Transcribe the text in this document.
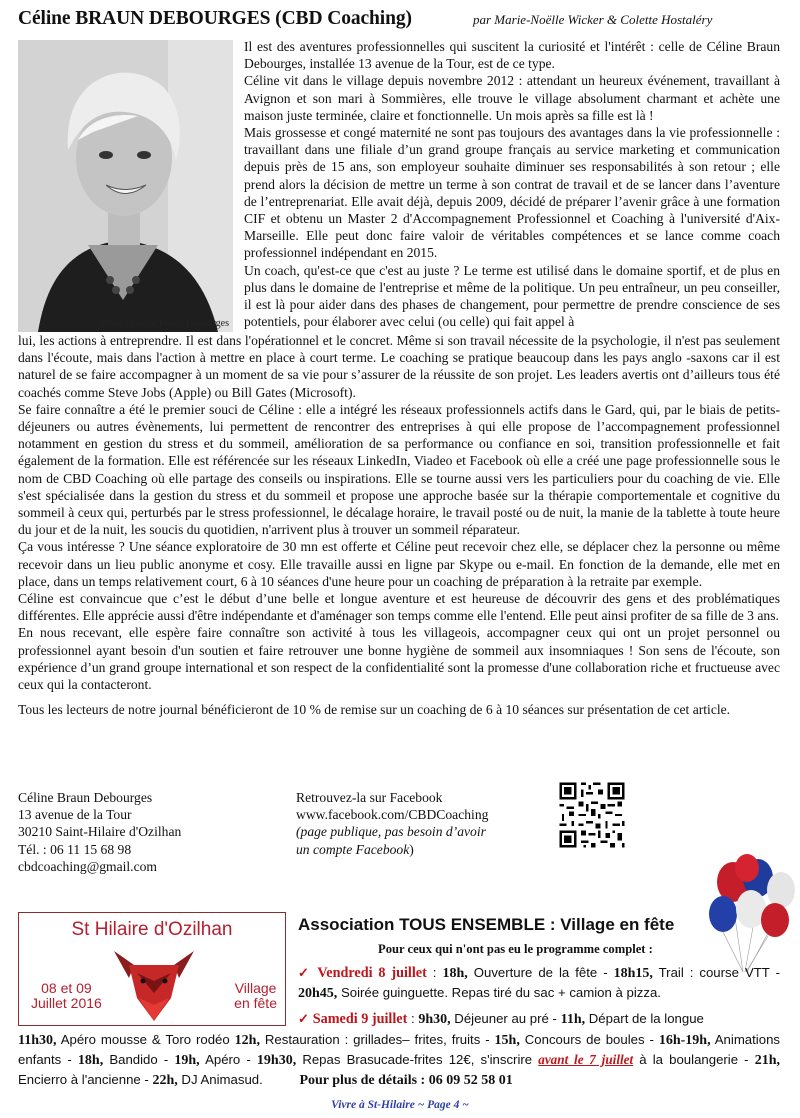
Céline BRAUN DEBOURGES (CBD Coaching)	par Marie-Noëlle Wicker & Colette Hostaléry
Photo : Céline Braun Debourges

Il est des aventures professionnelles qui suscitent la curiosité et l'intérêt : celle de Céline Braun Debourges, installée 13 avenue de la Tour, est de ce type.

Céline vit dans le village depuis novembre 2012 : attendant un heureux événement, travaillant à Avignon et son mari à Sommières, elle trouve le village absolument charmant et achète une maison juste terminée, claire et fonctionnelle. Un mois après sa fille est là !

Mais grossesse et congé maternité ne sont pas toujours des avantages dans la vie professionnelle : travaillant dans une filiale d’un grand groupe français au service marketing et communication depuis près de 15 ans, son employeur souhaite diminuer ses responsabilités à son retour ; elle prend alors la décision de mettre un terme à son contrat de travail et de se lancer dans l’aventure de l’entreprenariat. Elle avait déjà, depuis 2009, décidé de préparer l’avenir grâce à une formation CIF et obtenu un Master 2 d'Accompagnement Professionnel et Coaching à l'université d'Aix-Marseille. Elle peut donc faire valoir de véritables compétences et se lance comme coach professionnel indépendant en 2015.

Un coach, qu'est-ce que c'est au juste ? Le terme est utilisé dans le domaine sportif, et de plus en plus dans le domaine de l'entreprise et même de la politique. Un peu entraîneur, un peu conseiller, il est là pour aider dans des phases de changement, pour permettre de prendre conscience de ses potentiels, pour élaborer avec celui (ou celle) qui fait appel à

lui, les actions à entreprendre. Il est dans l'opérationnel et le concret. Même si son travail nécessite de la psychologie, il n'est pas seulement dans l'écoute, mais dans l'action à mettre en place à court terme. Le coaching se pratique beaucoup dans les pays anglo -saxons car il est naturel de se faire accompagner à un moment de sa vie pour s’assurer de la réussite de son projet. Les leaders avertis ont d’ailleurs tous été coachés comme Steve Jobs (Apple) ou Bill Gates (Microsoft).

Se faire connaître a été le premier souci de Céline : elle a intégré les réseaux professionnels actifs dans le Gard, qui, par le biais de petits-déjeuners ou autres évènements, lui permettent de rencontrer des entreprises à qui elle propose de l’accompagnement professionnel notamment en gestion du stress et du sommeil, amélioration de sa performance ou confiance en soi, transition professionnelle et fait également de la formation. Elle est référencée sur les réseaux LinkedIn, Viadeo et Facebook où elle a créé une page professionnelle sous le nom de CBD Coaching où elle partage des conseils ou inspirations. Elle se tourne aussi vers les particuliers pour du coaching de vie. Elle s'est spécialisée dans la gestion du stress et du sommeil et propose une approche basée sur la thérapie comportementale et cognitive du sommeil à ceux qui, perturbés par le stress professionnel, le décalage horaire, le travail posté ou de nuit, la manie de la tablette à toute heure du jour et de la nuit, les soucis du quotidien, n'arrivent plus à trouver un sommeil réparateur.

Ça vous intéresse ? Une séance exploratoire de 30 mn est offerte et Céline peut recevoir chez elle, se déplacer chez la personne ou même recevoir dans un lieu public anonyme et cosy. Elle travaille aussi en ligne par Skype ou e-mail. En fonction de la demande, elle met en place, dans un temps relativement court, 6 à 10 séances d'une heure pour un coaching de préparation à la retraite par exemple.

Céline est convaincue que c’est le début d’une belle et longue aventure et est heureuse de découvrir des gens et des problématiques différentes. Elle apprécie aussi d'être indépendante et d'aménager son temps comme elle l'entend. Elle peut ainsi profiter de sa fille de 3 ans.

En nous recevant, elle espère faire connaître son activité à tous les villageois, accompagner ceux qui ont un projet personnel ou professionnel ayant besoin d'un soutien et faire retrouver une bonne hygiène de sommeil aux insomniaques ! Son sens de l'écoute, son expérience d’un grand groupe international et son respect de la confidentialité sont la promesse d'une collaboration riche et fructueuse avec ceux qui la contacteront.

Tous les lecteurs de notre journal bénéficieront de 10 % de remise sur un coaching de 6 à 10 séances sur présentation de cet article.

Céline Braun Debourges
13 avenue de la Tour
30210 Saint-Hilaire d'Ozilhan
Tél. : 06 11 15 68 98
cbdcoaching@gmail.com
Retrouvez-la sur Facebook
www.facebook.com/CBDCoaching
(page publique, pas besoin d’avoir
un compte Facebook)
St Hilaire d'Ozilhan
08 et 09
Juillet 2016
Village
en fête
Association TOUS ENSEMBLE : Village en fête
Pour ceux qui n'ont pas eu le programme complet :

✓ Vendredi 8 juillet : 18h, Ouverture de la fête - 18h15, Trail : course VTT - 20h45, Soirée guinguette. Repas tiré du sac + camion à pizza.

✓ Samedi 9 juillet : 9h30, Déjeuner au pré - 11h, Départ de la longue

11h30, Apéro mousse & Toro rodéo 12h, Restauration : grillades– frites, fruits - 15h, Concours de boules - 16h-19h, Animations enfants - 18h, Bandido - 19h, Apéro - 19h30, Repas Brasucade-frites 12€, s'inscrire avant le 7 juillet à la boulangerie - 21h, Encierro à l'ancienne - 22h, DJ Animasud.	Pour plus de détails : 06 09 52 58 01

Vivre à St-Hilaire ~ Page 4 ~
